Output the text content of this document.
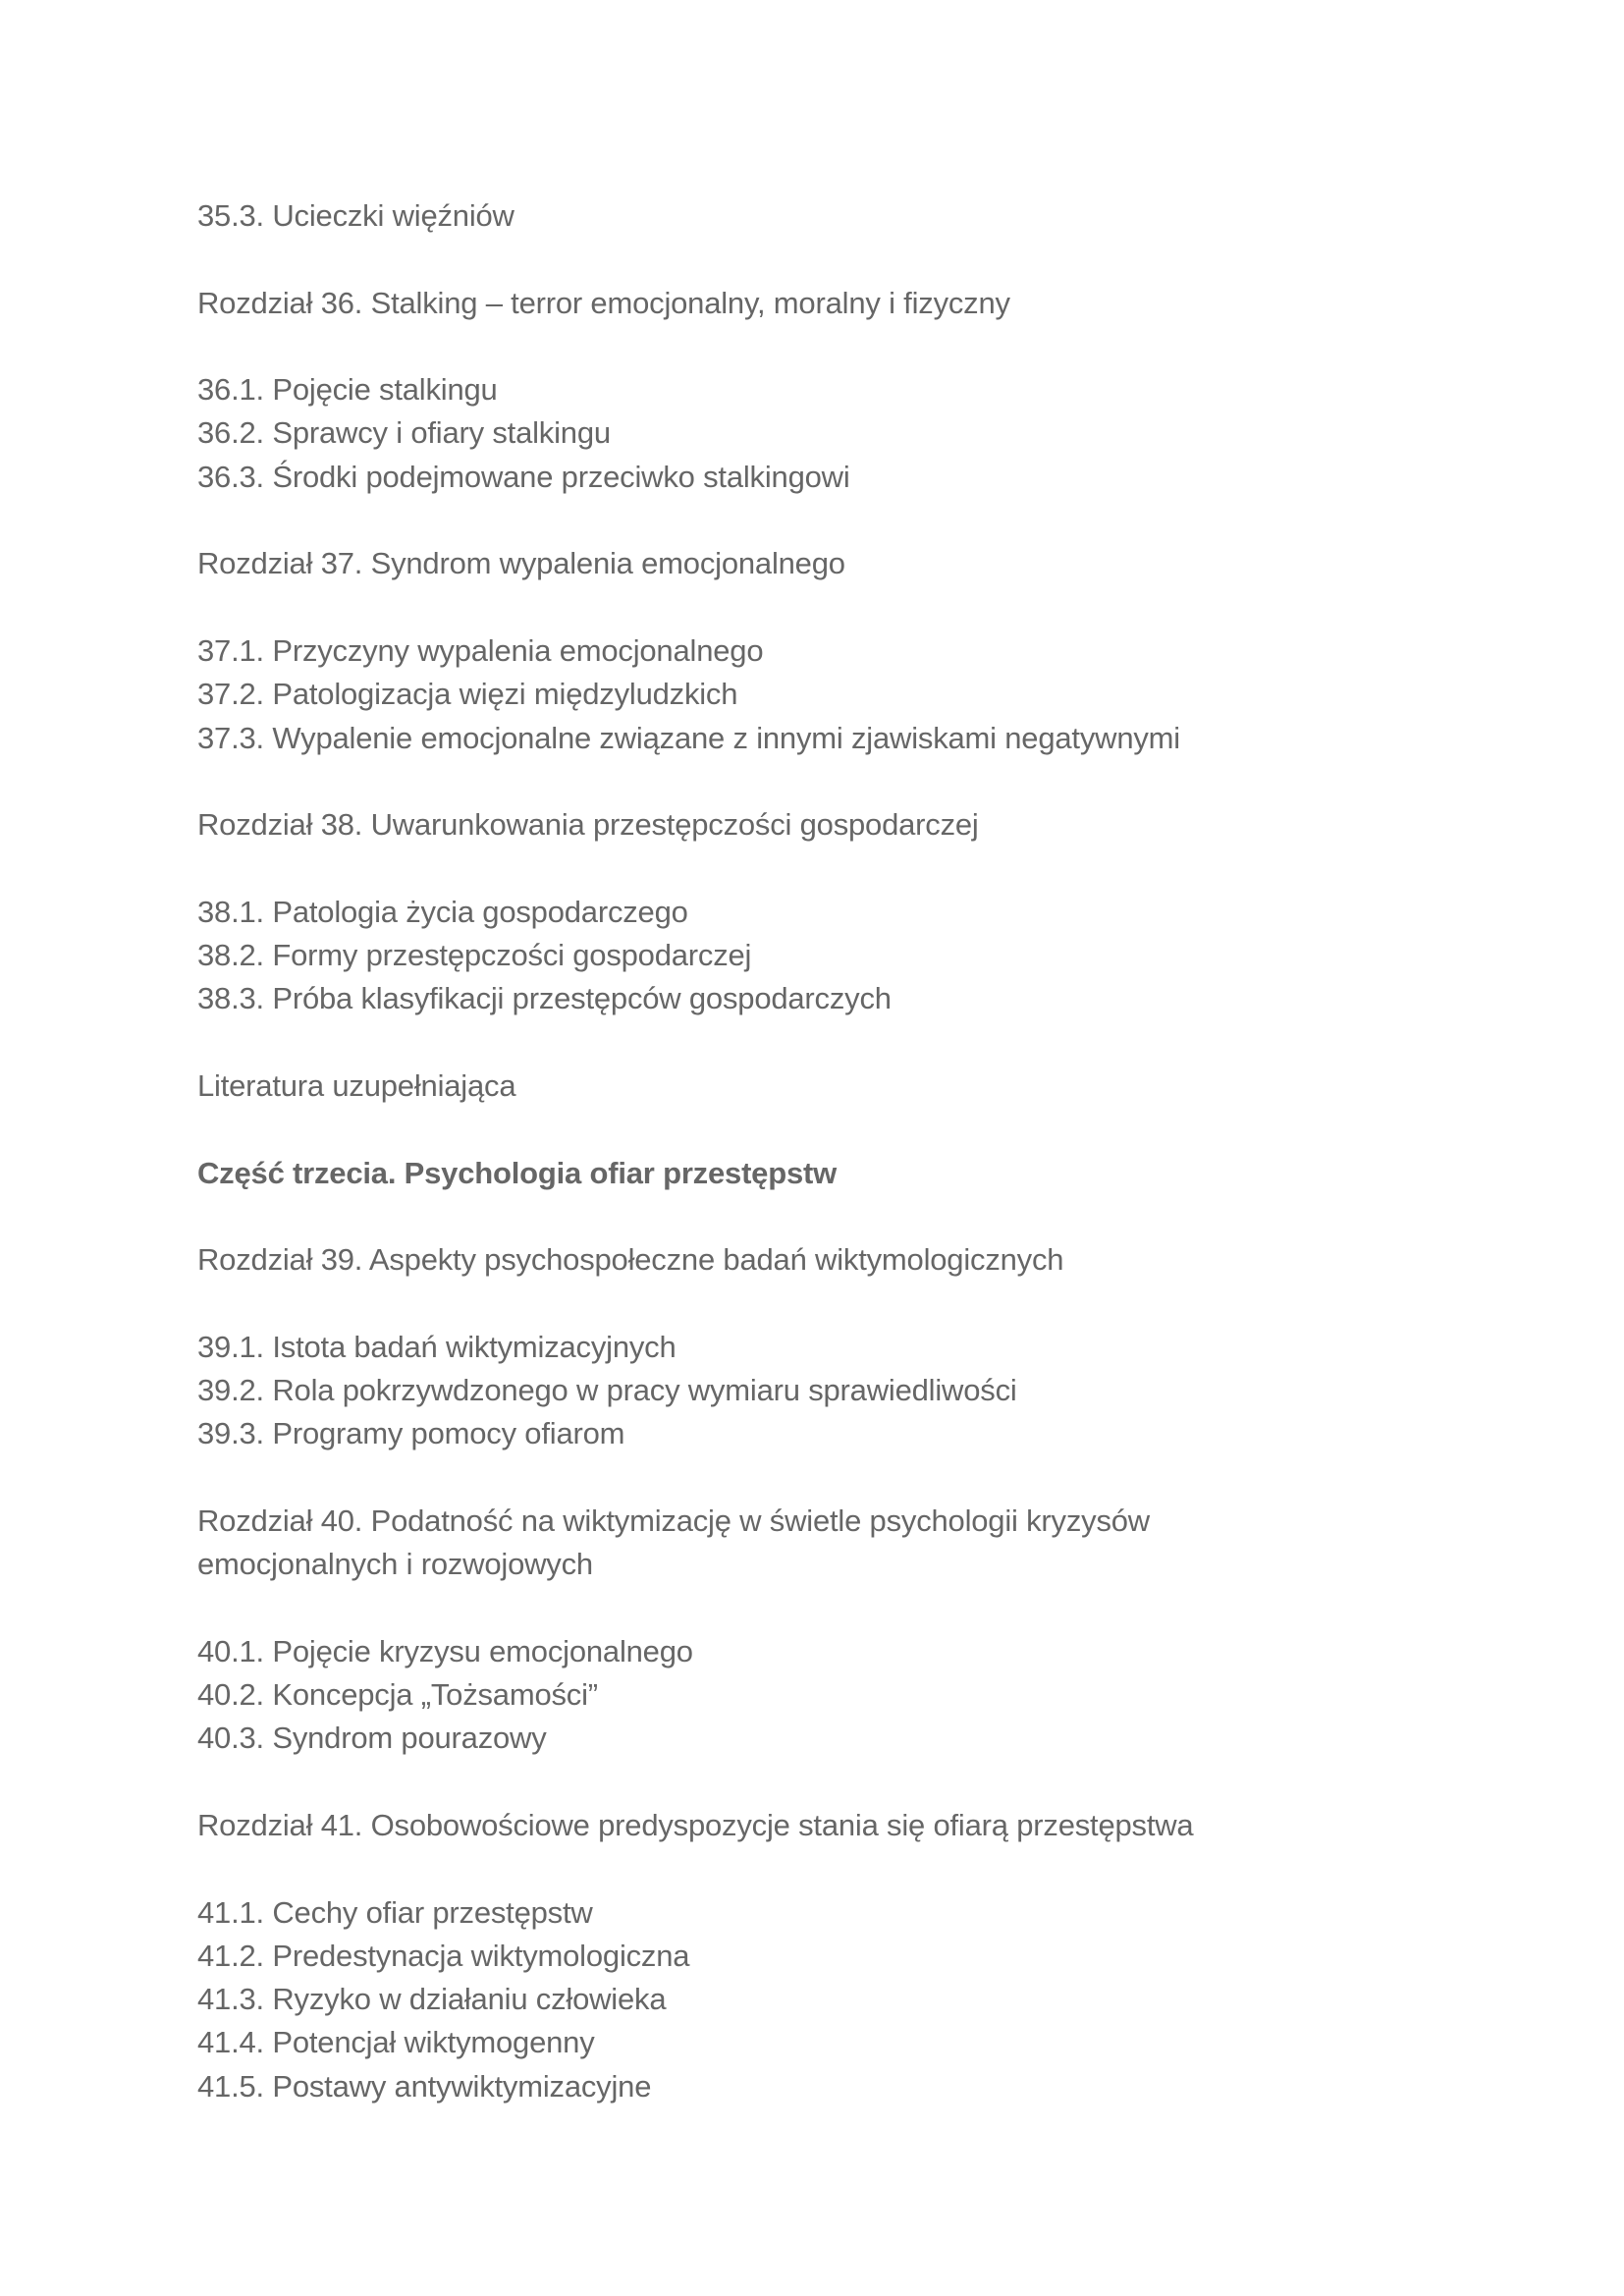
35.3. Ucieczki więźniów
Rozdział 36. Stalking – terror emocjonalny, moralny i fizyczny
36.1. Pojęcie stalkingu
36.2. Sprawcy i ofiary stalkingu
36.3. Środki podejmowane przeciwko stalkingowi
Rozdział 37. Syndrom wypalenia emocjonalnego
37.1. Przyczyny wypalenia emocjonalnego
37.2. Patologizacja więzi międzyludzkich
37.3. Wypalenie emocjonalne związane z innymi zjawiskami negatywnymi
Rozdział 38. Uwarunkowania przestępczości gospodarczej
38.1. Patologia życia gospodarczego
38.2. Formy przestępczości gospodarczej
38.3. Próba klasyfikacji przestępców gospodarczych
Literatura uzupełniająca
Część trzecia. Psychologia ofiar przestępstw
Rozdział 39. Aspekty psychospołeczne badań wiktymologicznych
39.1. Istota badań wiktymizacyjnych
39.2. Rola pokrzywdzonego w pracy wymiaru sprawiedliwości
39.3. Programy pomocy ofiarom
Rozdział 40. Podatność na wiktymizację w świetle psychologii kryzysów
emocjonalnych i rozwojowych
40.1. Pojęcie kryzysu emocjonalnego
40.2. Koncepcja „Tożsamości”
40.3. Syndrom pourazowy
Rozdział 41. Osobowościowe predyspozycje stania się ofiarą przestępstwa
41.1. Cechy ofiar przestępstw
41.2. Predestynacja wiktymologiczna
41.3. Ryzyko w działaniu człowieka
41.4. Potencjał wiktymogenny
41.5. Postawy antywiktymizacyjne
